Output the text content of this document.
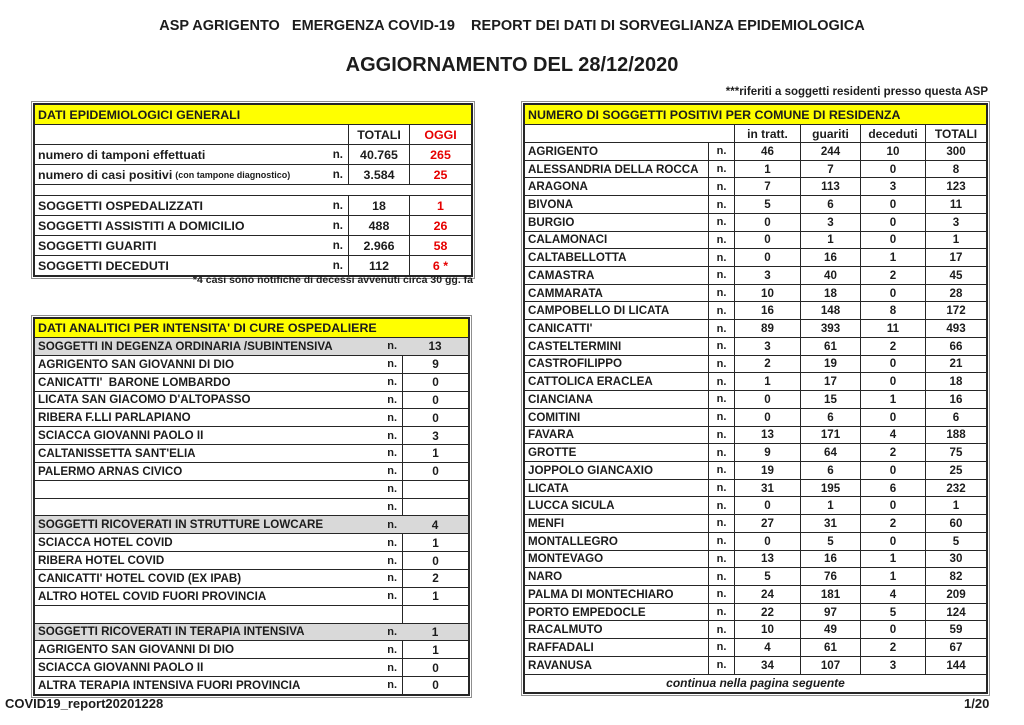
ASP AGRIGENTO   EMERGENZA COVID-19    REPORT DEI DATI DI SORVEGLIANZA EPIDEMIOLOGICA
AGGIORNAMENTO DEL 28/12/2020
***riferiti a soggetti residenti presso questa ASP
DATI EPIDEMIOLOGICI GENERALI
TOTALI	OGGI
numero di tamponi effettuati	n.	40.765	265
numero di casi positivi (con tampone diagnostico)	n.	3.584	25
SOGGETTI OSPEDALIZZATI	n.	18	1
SOGGETTI ASSISTITI A DOMICILIO	n.	488	26
SOGGETTI GUARITI	n.	2.966	58
SOGGETTI DECEDUTI	n.	112	6 *
*4 casi sono notifiche di decessi avvenuti circa 30 gg. fa
DATI ANALITICI PER INTENSITA' DI CURE OSPEDALIERE
SOGGETTI IN DEGENZA ORDINARIA /SUBINTENSIVA	n.	13
AGRIGENTO SAN GIOVANNI DI DIO	n.	9
CANICATTI'  BARONE LOMBARDO	n.	0
LICATA SAN GIACOMO D'ALTOPASSO	n.	0
RIBERA F.LLI PARLAPIANO	n.	0
SCIACCA GIOVANNI PAOLO II	n.	3
CALTANISSETTA SANT'ELIA	n.	1
PALERMO ARNAS CIVICO	n.	0
n.
n.
SOGGETTI RICOVERATI IN STRUTTURE LOWCARE	n.	4
SCIACCA HOTEL COVID	n.	1
RIBERA HOTEL COVID	n.	0
CANICATTI' HOTEL COVID (EX IPAB)	n.	2
ALTRO HOTEL COVID FUORI PROVINCIA	n.	1
SOGGETTI RICOVERATI IN TERAPIA INTENSIVA	n.	1
AGRIGENTO SAN GIOVANNI DI DIO	n.	1
SCIACCA GIOVANNI PAOLO II	n.	0
ALTRA TERAPIA INTENSIVA FUORI PROVINCIA	n.	0
NUMERO DI SOGGETTI POSITIVI PER COMUNE DI RESIDENZA
in tratt.	guariti	deceduti	TOTALI
AGRIGENTO	n.	46	244	10	300
ALESSANDRIA DELLA ROCCA	n.	1	7	0	8
ARAGONA	n.	7	113	3	123
BIVONA	n.	5	6	0	11
BURGIO	n.	0	3	0	3
CALAMONACI	n.	0	1	0	1
CALTABELLOTTA	n.	0	16	1	17
CAMASTRA	n.	3	40	2	45
CAMMARATA	n.	10	18	0	28
CAMPOBELLO DI LICATA	n.	16	148	8	172
CANICATTI'	n.	89	393	11	493
CASTELTERMINI	n.	3	61	2	66
CASTROFILIPPO	n.	2	19	0	21
CATTOLICA ERACLEA	n.	1	17	0	18
CIANCIANA	n.	0	15	1	16
COMITINI	n.	0	6	0	6
FAVARA	n.	13	171	4	188
GROTTE	n.	9	64	2	75
JOPPOLO GIANCAXIO	n.	19	6	0	25
LICATA	n.	31	195	6	232
LUCCA SICULA	n.	0	1	0	1
MENFI	n.	27	31	2	60
MONTALLEGRO	n.	0	5	0	5
MONTEVAGO	n.	13	16	1	30
NARO	n.	5	76	1	82
PALMA DI MONTECHIARO	n.	24	181	4	209
PORTO EMPEDOCLE	n.	22	97	5	124
RACALMUTO	n.	10	49	0	59
RAFFADALI	n.	4	61	2	67
RAVANUSA	n.	34	107	3	144
continua nella pagina seguente
COVID19_report20201228	1/20
